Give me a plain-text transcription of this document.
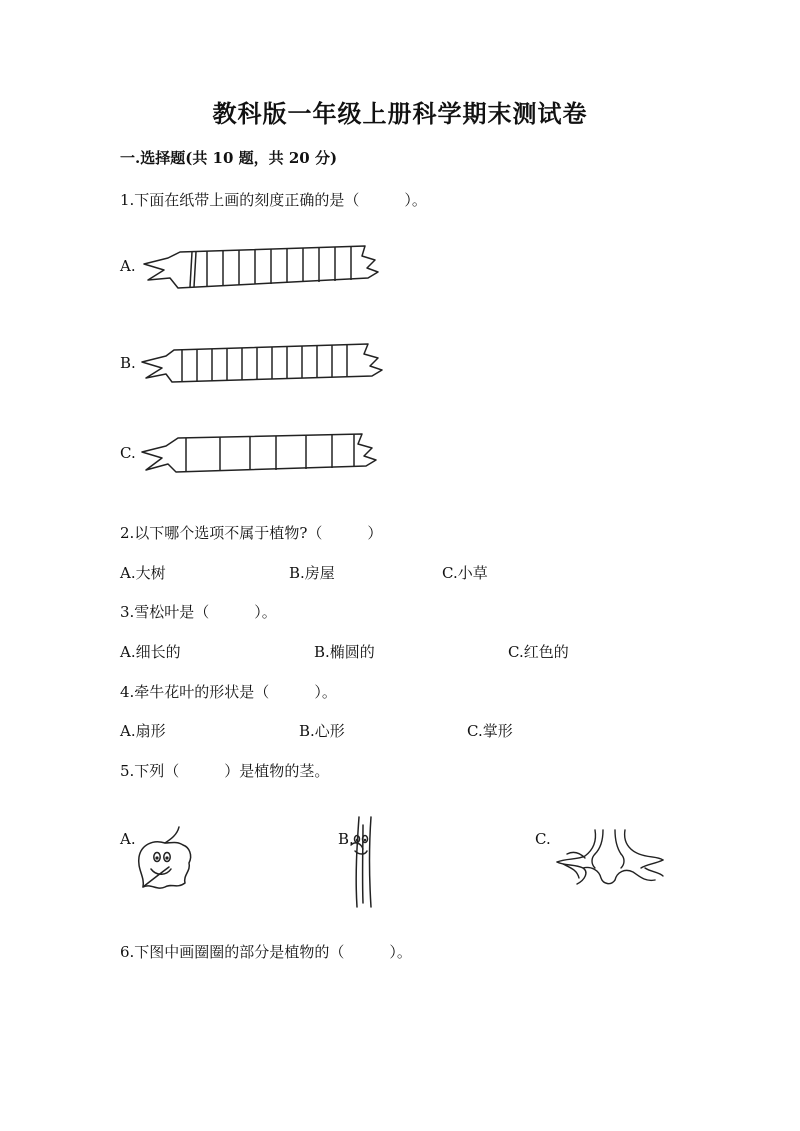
教科版一年级上册科学期末测试卷
一.选择题(共 10 题，共 20 分)
1.下面在纸带上画的刻度正确的是（　　　）。
A.
B.
C.
2.以下哪个选项不属于植物?（　　　）
A.大树	B.房屋	C.小草
3.雪松叶是（　　　）。
A.细长的	B.椭圆的	C.红色的
4.牵牛花叶的形状是（　　　）。
A.扇形	B.心形	C.掌形
5.下列（　　　）是植物的茎。
A.	B.	C.
6.下图中画圈圈的部分是植物的（　　　）。
